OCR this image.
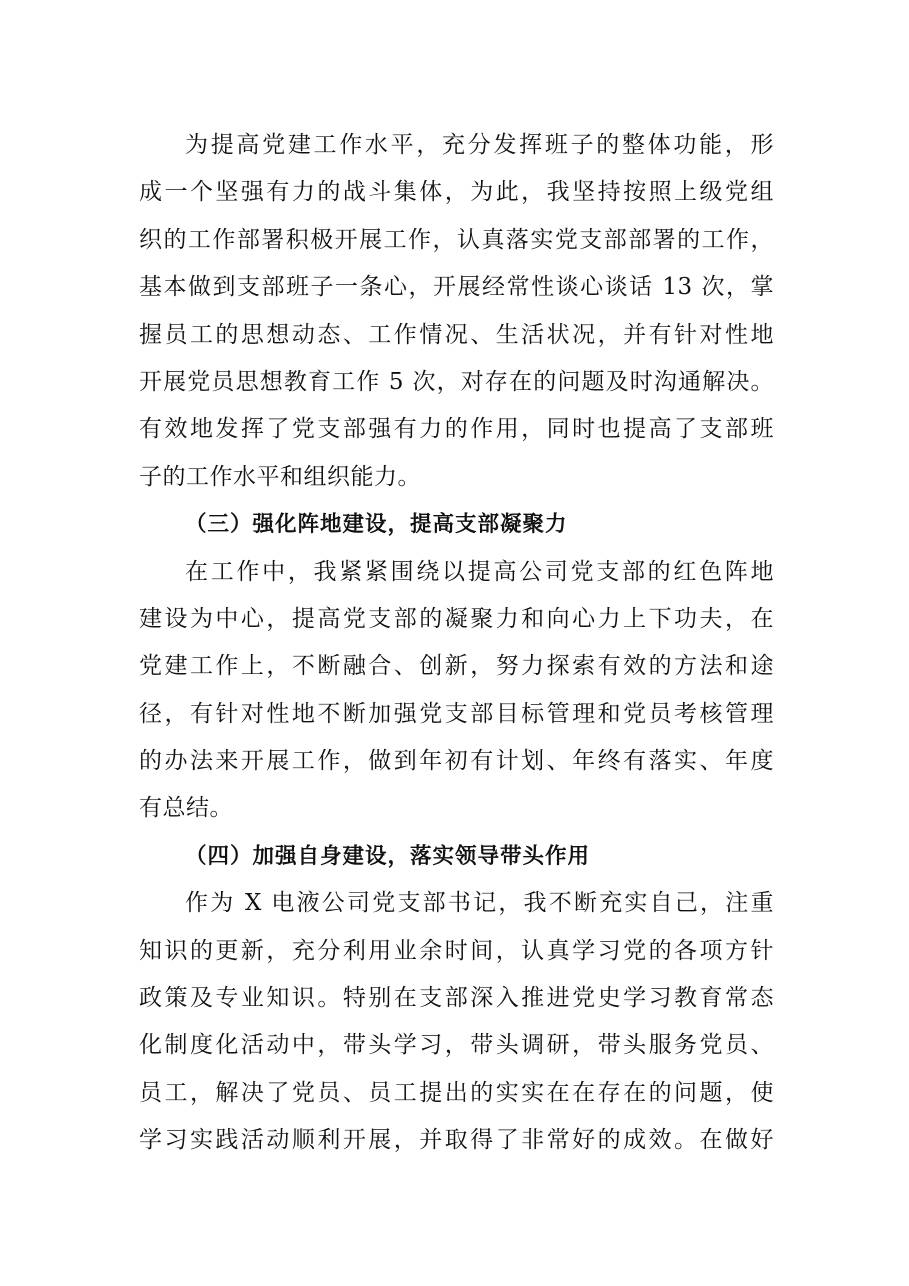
为提高党建工作水平，充分发挥班子的整体功能，形
成一个坚强有力的战斗集体，为此，我坚持按照上级党组
织的工作部署积极开展工作，认真落实党支部部署的工作，
基本做到支部班子一条心，开展经常性谈心谈话 13 次，掌
握员工的思想动态、工作情况、生活状况，并有针对性地
开展党员思想教育工作 5 次，对存在的问题及时沟通解决。
有效地发挥了党支部强有力的作用，同时也提高了支部班
子的工作水平和组织能力。
（三）强化阵地建设，提高支部凝聚力
在工作中，我紧紧围绕以提高公司党支部的红色阵地
建设为中心，提高党支部的凝聚力和向心力上下功夫，在
党建工作上，不断融合、创新，努力探索有效的方法和途
径，有针对性地不断加强党支部目标管理和党员考核管理
的办法来开展工作，做到年初有计划、年终有落实、年度
有总结。
（四）加强自身建设，落实领导带头作用
作为 X 电液公司党支部书记，我不断充实自己，注重
知识的更新，充分利用业余时间，认真学习党的各项方针
政策及专业知识。特别在支部深入推进党史学习教育常态
化制度化活动中，带头学习，带头调研，带头服务党员、
员工，解决了党员、员工提出的实实在在存在的问题，使
学习实践活动顺利开展，并取得了非常好的成效。在做好
